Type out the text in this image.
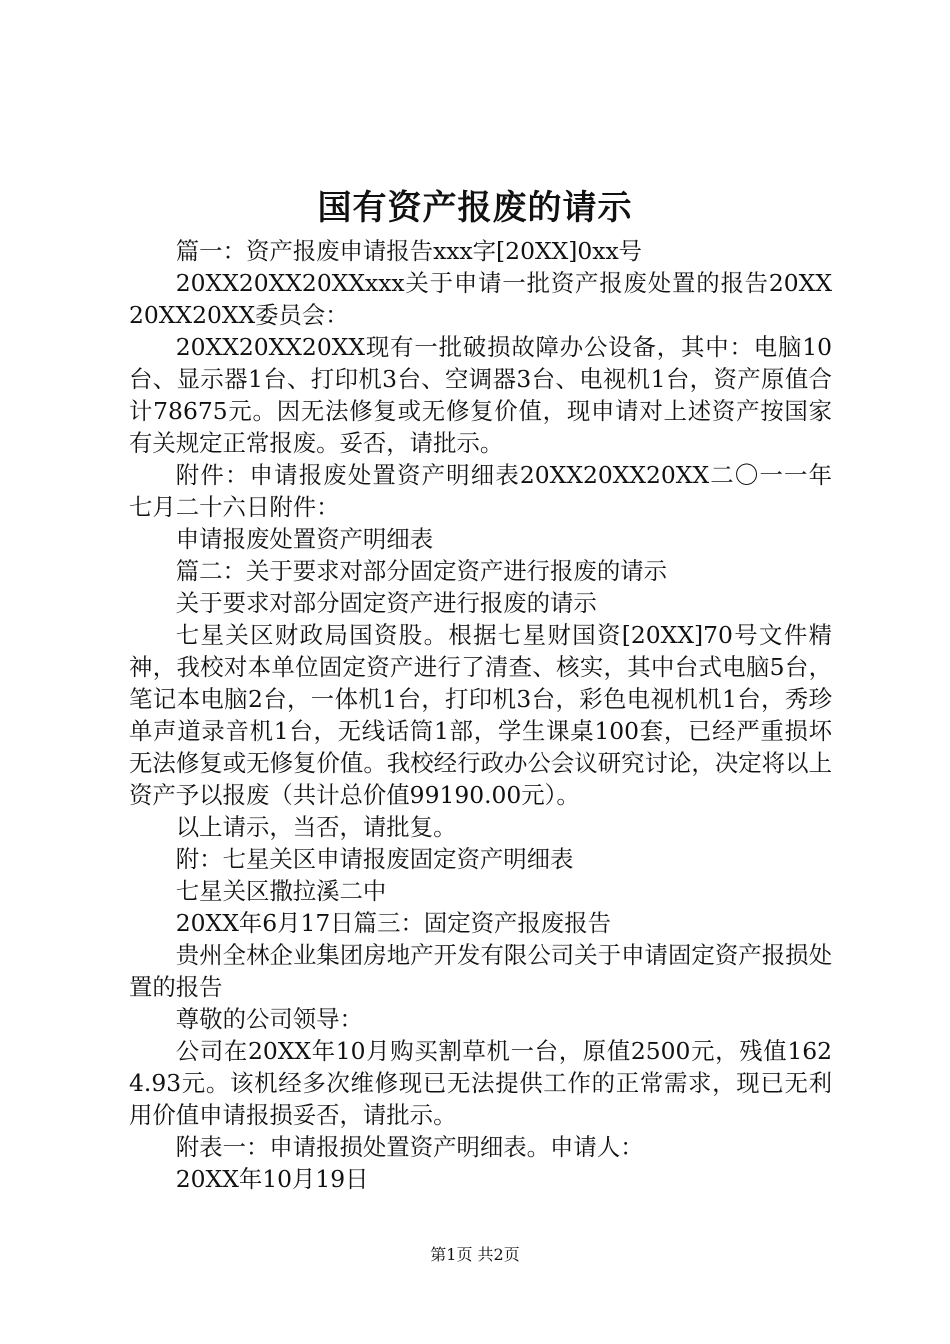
国有资产报废的请示

篇一：资产报废申请报告xxx字[20XX]0xx号

20XX20XX20XXxxx关于申请一批资产报废处置的报告20XX20XX20XX委员会：

20XX20XX20XX现有一批破损故障办公设备，其中：电脑10台、显示器1台、打印机3台、空调器3台、电视机1台，资产原值合计78675元。因无法修复或无修复价值，现申请对上述资产按国家有关规定正常报废。妥否，请批示。

附件：申请报废处置资产明细表20XX20XX20XX二〇一一年七月二十六日附件：

申请报废处置资产明细表

篇二：关于要求对部分固定资产进行报废的请示

关于要求对部分固定资产进行报废的请示

七星关区财政局国资股。根据七星财国资[20XX]70号文件精神，我校对本单位固定资产进行了清查、核实，其中台式电脑5台，笔记本电脑2台，一体机1台，打印机3台，彩色电视机机1台，秀珍单声道录音机1台，无线话筒1部，学生课桌100套，已经严重损坏无法修复或无修复价值。我校经行政办公会议研究讨论，决定将以上资产予以报废（共计总价值99190.00元）。

以上请示，当否，请批复。

附：七星关区申请报废固定资产明细表

七星关区撒拉溪二中

20XX年6月17日篇三：固定资产报废报告

贵州全林企业集团房地产开发有限公司关于申请固定资产报损处置的报告

尊敬的公司领导：

公司在20XX年10月购买割草机一台，原值2500元，残值1624.93元。该机经多次维修现已无法提供工作的正常需求，现已无利用价值申请报损妥否，请批示。

附表一：申请报损处置资产明细表。申请人：

20XX年10月19日

第1页 共2页
